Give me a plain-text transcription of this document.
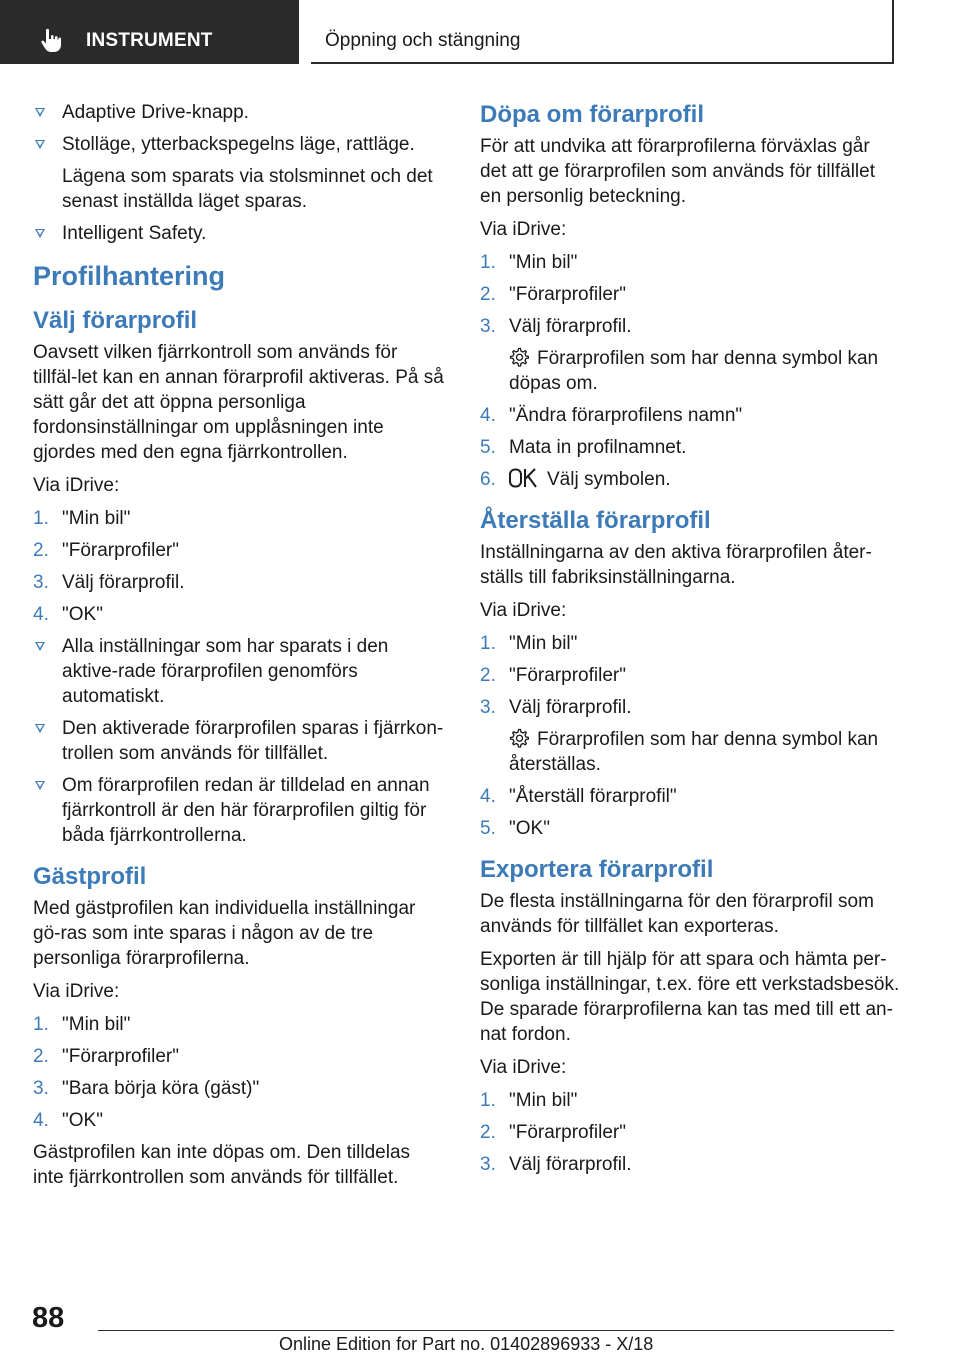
INSTRUMENT	Öppning och stängning
Adaptive Drive-knapp.
Stolläge, ytterbackspegelns läge, rattläge.
Lägena som sparats via stolsminnet och det senast inställda läget sparas.
Intelligent Safety.
Profilhantering
Välj förarprofil

Oavsett vilken fjärrkontroll som används för tillfäl-let kan en annan förarprofil aktiveras. På så sätt går det att öppna personliga fordonsinställningar om upplåsningen inte gjordes med den egna fjärrkontrollen.

Via iDrive:

1. "Min bil"
2. "Förarprofiler"
3. Välj förarprofil.
4. "OK"
Alla inställningar som har sparats i den aktive-rade förarprofilen genomförs automatiskt.
Den aktiverade förarprofilen sparas i fjärrkon-trollen som används för tillfället.
Om förarprofilen redan är tilldelad en annan fjärrkontroll är den här förarprofilen giltig för båda fjärrkontrollerna.
Gästprofil

Med gästprofilen kan individuella inställningar gö-ras som inte sparas i någon av de tre personliga förarprofilerna.

Via iDrive:

1. "Min bil"
2. "Förarprofiler"
3. "Bara börja köra (gäst)"
4. "OK"

Gästprofilen kan inte döpas om. Den tilldelas inte fjärrkontrollen som används för tillfället.

Döpa om förarprofil

För att undvika att förarprofilerna förväxlas går det att ge förarprofilen som används för tillfället en personlig beteckning.

Via iDrive:

1. "Min bil"
2. "Förarprofiler"
3. Välj förarprofil.
Förarprofilen som har denna symbol kan döpas om.
4. "Ändra förarprofilens namn"
5. Mata in profilnamnet.
6.	Välj symbolen.
Återställa förarprofil

Inställningarna av den aktiva förarprofilen åter-ställs till fabriksinställningarna.

Via iDrive:

1. "Min bil"
2. "Förarprofiler"
3. Välj förarprofil.
Förarprofilen som har denna symbol kan återställas.
4. "Återställ förarprofil"
5. "OK"
Exportera förarprofil

De flesta inställningarna för den förarprofil som används för tillfället kan exporteras.

Exporten är till hjälp för att spara och hämta per-sonliga inställningar, t.ex. före ett verkstadsbesök. De sparade förarprofilerna kan tas med till ett an-nat fordon.

Via iDrive:

1. "Min bil"
2. "Förarprofiler"
3. Välj förarprofil.
88
Online Edition for Part no. 01402896933 - X/18
